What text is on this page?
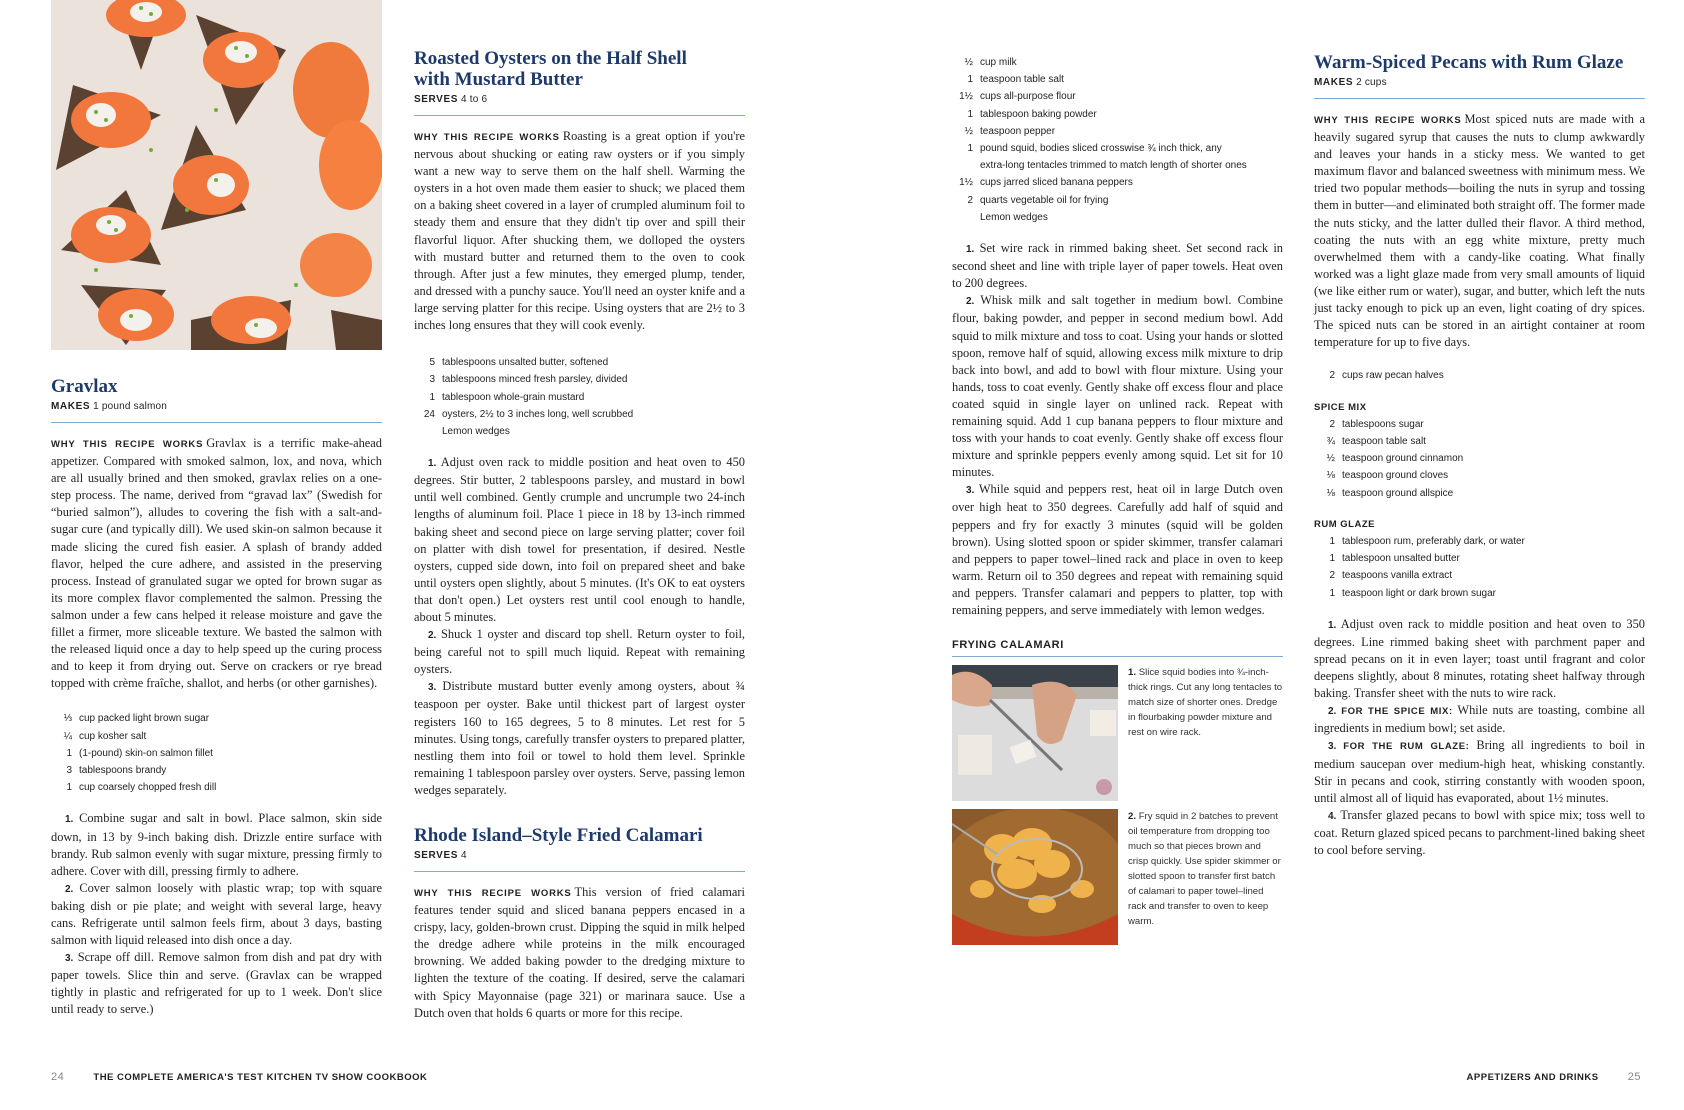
Gravlax
MAKES 1 pound salmon

WHY THIS RECIPE WORKS Gravlax is a terrific make-ahead appetizer. Compared with smoked salmon, lox, and nova, which are all usually brined and then smoked, gravlax relies on a one-step process. The name, derived from “gravad lax” (Swedish for “buried salmon”), alludes to covering the fish with a salt-and-sugar cure (and typically dill). We used skin-on salmon because it made slicing the cured fish easier. A splash of brandy added flavor, helped the cure adhere, and assisted in the preserving process. Instead of granulated sugar we opted for brown sugar as its more complex flavor complemented the salmon. Pressing the salmon under a few cans helped it release moisture and gave the fillet a firmer, more sliceable texture. We basted the salmon with the released liquid once a day to help speed up the curing process and to keep it from drying out. Serve on crackers or rye bread topped with crème fraîche, shallot, and herbs (or other garnishes).

⅓ cup packed light brown sugar
¼ cup kosher salt
1 (1-pound) skin-on salmon fillet
3 tablespoons brandy
1 cup coarsely chopped fresh dill

1. Combine sugar and salt in bowl. Place salmon, skin side down, in 13 by 9-inch baking dish. Drizzle entire surface with brandy. Rub salmon evenly with sugar mixture, pressing firmly to adhere. Cover with dill, pressing firmly to adhere.

2. Cover salmon loosely with plastic wrap; top with square baking dish or pie plate; and weight with several large, heavy cans. Refrigerate until salmon feels firm, about 3 days, basting salmon with liquid released into dish once a day.

3. Scrape off dill. Remove salmon from dish and pat dry with paper towels. Slice thin and serve. (Gravlax can be wrapped tightly in plastic and refrigerated for up to 1 week. Don't slice until ready to serve.)

Roasted Oysters on the Half Shell
with Mustard Butter
SERVES 4 to 6

WHY THIS RECIPE WORKS Roasting is a great option if you're nervous about shucking or eating raw oysters or if you simply want a new way to serve them on the half shell. Warming the oysters in a hot oven made them easier to shuck; we placed them on a baking sheet covered in a layer of crumpled aluminum foil to steady them and ensure that they didn't tip over and spill their flavorful liquor. After shucking them, we dolloped the oysters with mustard butter and returned them to the oven to cook through. After just a few minutes, they emerged plump, tender, and dressed with a punchy sauce. You'll need an oyster knife and a large serving platter for this recipe. Using oysters that are 2½ to 3 inches long ensures that they will cook evenly.

5 tablespoons unsalted butter, softened
3 tablespoons minced fresh parsley, divided
1 tablespoon whole-grain mustard
24 oysters, 2½ to 3 inches long, well scrubbed
Lemon wedges

1. Adjust oven rack to middle position and heat oven to 450 degrees. Stir butter, 2 tablespoons parsley, and mustard in bowl until well combined. Gently crumple and uncrumple two 24-inch lengths of aluminum foil. Place 1 piece in 18 by 13-inch rimmed baking sheet and second piece on large serving platter; cover foil on platter with dish towel for presentation, if desired. Nestle oysters, cupped side down, into foil on prepared sheet and bake until oysters open slightly, about 5 minutes. (It's OK to eat oysters that don't open.) Let oysters rest until cool enough to handle, about 5 minutes.

2. Shuck 1 oyster and discard top shell. Return oyster to foil, being careful not to spill much liquid. Repeat with remaining oysters.

3. Distribute mustard butter evenly among oysters, about ¾ teaspoon per oyster. Bake until thickest part of largest oyster registers 160 to 165 degrees, 5 to 8 minutes. Let rest for 5 minutes. Using tongs, carefully transfer oysters to prepared platter, nestling them into foil or towel to hold them level. Sprinkle remaining 1 tablespoon parsley over oysters. Serve, passing lemon wedges separately.

Rhode Island–Style Fried Calamari
SERVES 4

WHY THIS RECIPE WORKS This version of fried calamari features tender squid and sliced banana peppers encased in a crispy, lacy, golden-brown crust. Dipping the squid in milk helped the dredge adhere while proteins in the milk encouraged browning. We added baking powder to the dredging mixture to lighten the texture of the coating. If desired, serve the calamari with Spicy Mayonnaise (page 321) or marinara sauce. Use a Dutch oven that holds 6 quarts or more for this recipe.

½ cup milk
1 teaspoon table salt
1½ cups all-purpose flour
1 tablespoon baking powder
½ teaspoon pepper
1 pound squid, bodies sliced crosswise ¾ inch thick, any extra-long tentacles trimmed to match length of shorter ones
1½ cups jarred sliced banana peppers
2 quarts vegetable oil for frying
Lemon wedges

1. Set wire rack in rimmed baking sheet. Set second rack in second sheet and line with triple layer of paper towels. Heat oven to 200 degrees.

2. Whisk milk and salt together in medium bowl. Combine flour, baking powder, and pepper in second medium bowl. Add squid to milk mixture and toss to coat. Using your hands or slotted spoon, remove half of squid, allowing excess milk mixture to drip back into bowl, and add to bowl with flour mixture. Using your hands, toss to coat evenly. Gently shake off excess flour and place coated squid in single layer on unlined rack. Repeat with remaining squid. Add 1 cup banana peppers to flour mixture and toss with your hands to coat evenly. Gently shake off excess flour mixture and sprinkle peppers evenly among squid. Let sit for 10 minutes.

3. While squid and peppers rest, heat oil in large Dutch oven over high heat to 350 degrees. Carefully add half of squid and peppers and fry for exactly 3 minutes (squid will be golden brown). Using slotted spoon or spider skimmer, transfer calamari and peppers to paper towel–lined rack and place in oven to keep warm. Return oil to 350 degrees and repeat with remaining squid and peppers. Transfer calamari and peppers to platter, top with remaining peppers, and serve immediately with lemon wedges.

FRYING CALAMARI
1. Slice squid bodies into ¾-inch-thick rings. Cut any long tentacles to match size of shorter ones. Dredge in flourbaking powder mixture and rest on wire rack.
2. Fry squid in 2 batches to prevent oil temperature from dropping too much so that pieces brown and crisp quickly. Use spider skimmer or slotted spoon to transfer first batch of calamari to paper towel–lined rack and transfer to oven to keep warm.
Warm-Spiced Pecans with Rum Glaze
MAKES 2 cups

WHY THIS RECIPE WORKS Most spiced nuts are made with a heavily sugared syrup that causes the nuts to clump awkwardly and leaves your hands in a sticky mess. We wanted to get maximum flavor and balanced sweetness with minimum mess. We tried two popular methods—boiling the nuts in syrup and tossing them in butter—and eliminated both straight off. The former made the nuts sticky, and the latter dulled their flavor. A third method, coating the nuts with an egg white mixture, pretty much overwhelmed them with a candy-like coating. What finally worked was a light glaze made from very small amounts of liquid (we like either rum or water), sugar, and butter, which left the nuts just tacky enough to pick up an even, light coating of dry spices. The spiced nuts can be stored in an airtight container at room temperature for up to five days.

2 cups raw pecan halves
SPICE MIX
2 tablespoons sugar
¾ teaspoon table salt
½ teaspoon ground cinnamon
⅛ teaspoon ground cloves
⅛ teaspoon ground allspice
RUM GLAZE
1 tablespoon rum, preferably dark, or water
1 tablespoon unsalted butter
2 teaspoons vanilla extract
1 teaspoon light or dark brown sugar

1. Adjust oven rack to middle position and heat oven to 350 degrees. Line rimmed baking sheet with parchment paper and spread pecans on it in even layer; toast until fragrant and color deepens slightly, about 8 minutes, rotating sheet halfway through baking. Transfer sheet with the nuts to wire rack.

2. FOR THE SPICE MIX: While nuts are toasting, combine all ingredients in medium bowl; set aside.

3. FOR THE RUM GLAZE: Bring all ingredients to boil in medium saucepan over medium-high heat, whisking constantly. Stir in pecans and cook, stirring constantly with wooden spoon, until almost all of liquid has evaporated, about 1½ minutes.

4. Transfer glazed pecans to bowl with spice mix; toss well to coat. Return glazed spiced pecans to parchment-lined baking sheet to cool before serving.

24	THE COMPLETE AMERICA'S TEST KITCHEN TV SHOW COOKBOOK	APPETIZERS AND DRINKS	25
